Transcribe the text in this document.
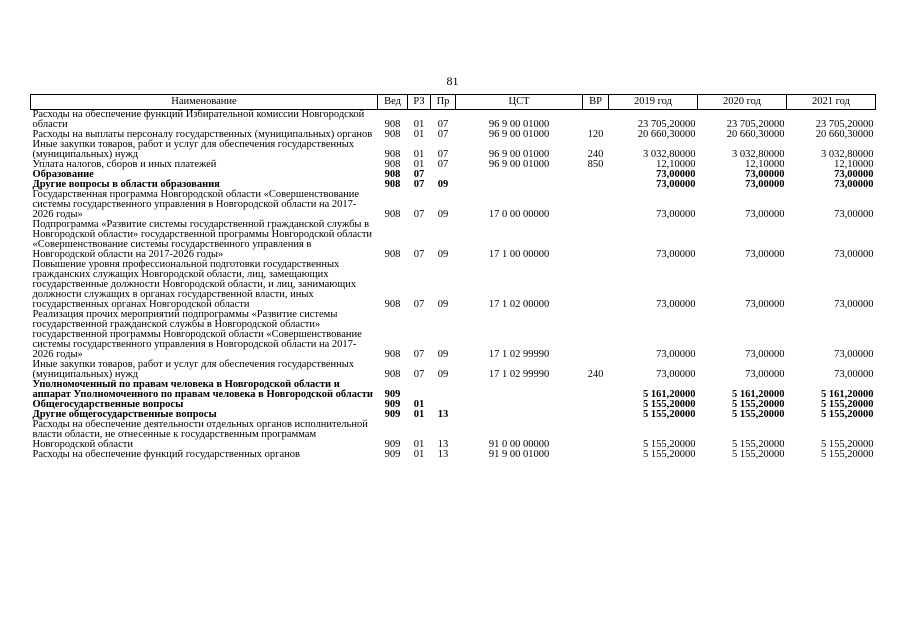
81
Наименование	Вед	РЗ	Пр	ЦСТ	ВР	2019 год	2020 год	2021 год
Расходы на обеспечение функций Избирательной комиссии Новгородской области	908	01	07	96 9 00 01000		23 705,20000	23 705,20000	23 705,20000
Расходы на выплаты персоналу государственных (муниципальных) органов	908	01	07	96 9 00 01000	120	20 660,30000	20 660,30000	20 660,30000
Иные закупки товаров, работ и услуг для обеспечения государственных (муниципальных) нужд	908	01	07	96 9 00 01000	240	3 032,80000	3 032,80000	3 032,80000
Уплата налогов, сборов и иных платежей	908	01	07	96 9 00 01000	850	12,10000	12,10000	12,10000
Образование	908	07				73,00000	73,00000	73,00000
Другие вопросы в области образования	908	07	09			73,00000	73,00000	73,00000
Государственная программа Новгородской области «Совершенствование системы государственного управления в Новгородской области на 2017-2026 годы»	908	07	09	17 0 00 00000		73,00000	73,00000	73,00000
Подпрограмма «Развитие системы государственной гражданской службы в Новгородской области» государственной программы Новгородской области «Совершенствование системы государственного управления в Новгородской области на 2017-2026 годы»	908	07	09	17 1 00 00000		73,00000	73,00000	73,00000
Повышение уровня профессиональной подготовки государственных гражданских служащих Новгородской области, лиц, замещающих государственные должности Новгородской области, и лиц, занимающих должности служащих в органах государственной власти, иных государственных органах Новгородской области	908	07	09	17 1 02 00000		73,00000	73,00000	73,00000
Реализация прочих мероприятий подпрограммы «Развитие системы государственной гражданской службы в Новгородской области» государственной программы Новгородской области «Совершенствование системы государственного управления в Новгородской области на 2017-2026 годы»	908	07	09	17 1 02 99990		73,00000	73,00000	73,00000
Иные закупки товаров, работ и услуг для обеспечения государственных (муниципальных) нужд	908	07	09	17 1 02 99990	240	73,00000	73,00000	73,00000
Уполномоченный по правам человека в Новгородской области и аппарат Уполномоченного по правам человека в Новгородской области	909					5 161,20000	5 161,20000	5 161,20000
Общегосударственные вопросы	909	01				5 155,20000	5 155,20000	5 155,20000
Другие общегосударственные вопросы	909	01	13			5 155,20000	5 155,20000	5 155,20000
Расходы на обеспечение деятельности отдельных органов исполнительной власти области, не отнесенные к государственным программам Новгородской области	909	01	13	91 0 00 00000		5 155,20000	5 155,20000	5 155,20000
Расходы на обеспечение функций государственных органов	909	01	13	91 9 00 01000		5 155,20000	5 155,20000	5 155,20000
